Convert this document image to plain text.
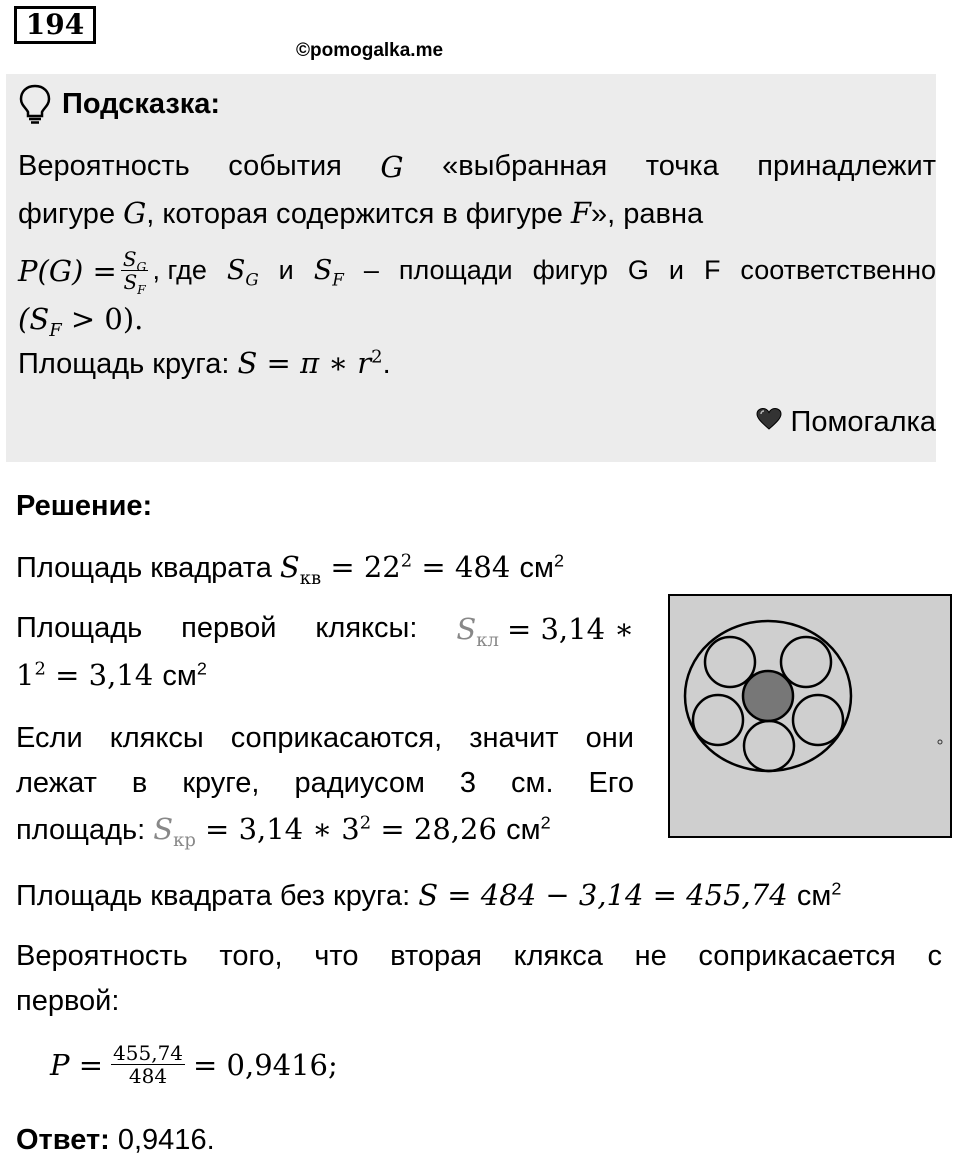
194
©pomogalka.me
Подсказка:
Вероятность события G «выбранная точка принадлежит
фигуре G, которая содержится в фигуре F», равна
$P(G) = \frac{S_G}{S_F}$ , где $S_G$ и $S_F$ – площади фигур G и F соответственно
$(S_F > 0)$.
Площадь круга: S = π ∗ $r^2$.
Помогалка
Решение:
Площадь квадрата $S_{кв} = 22^2 = 484$ $см^2$
Площадь первой кляксы: $S_{кл} = 3,14$ ∗
$1^2 = 3,14$ $см^2$
Если кляксы соприкасаются, значит они
лежат в круге, радиусом 3 см. Его
площадь: $S_{кр} = 3,14$ ∗ $3^2 = 28,26$ $см^2$
Площадь квадрата без круга: S = 484 − 3,14 = 455,74 $см^2$
Вероятность того, что вторая клякса не соприкасается с
первой:
$P = \frac{455,74}{484} = 0,9416$;
Ответ: 0,9416.
